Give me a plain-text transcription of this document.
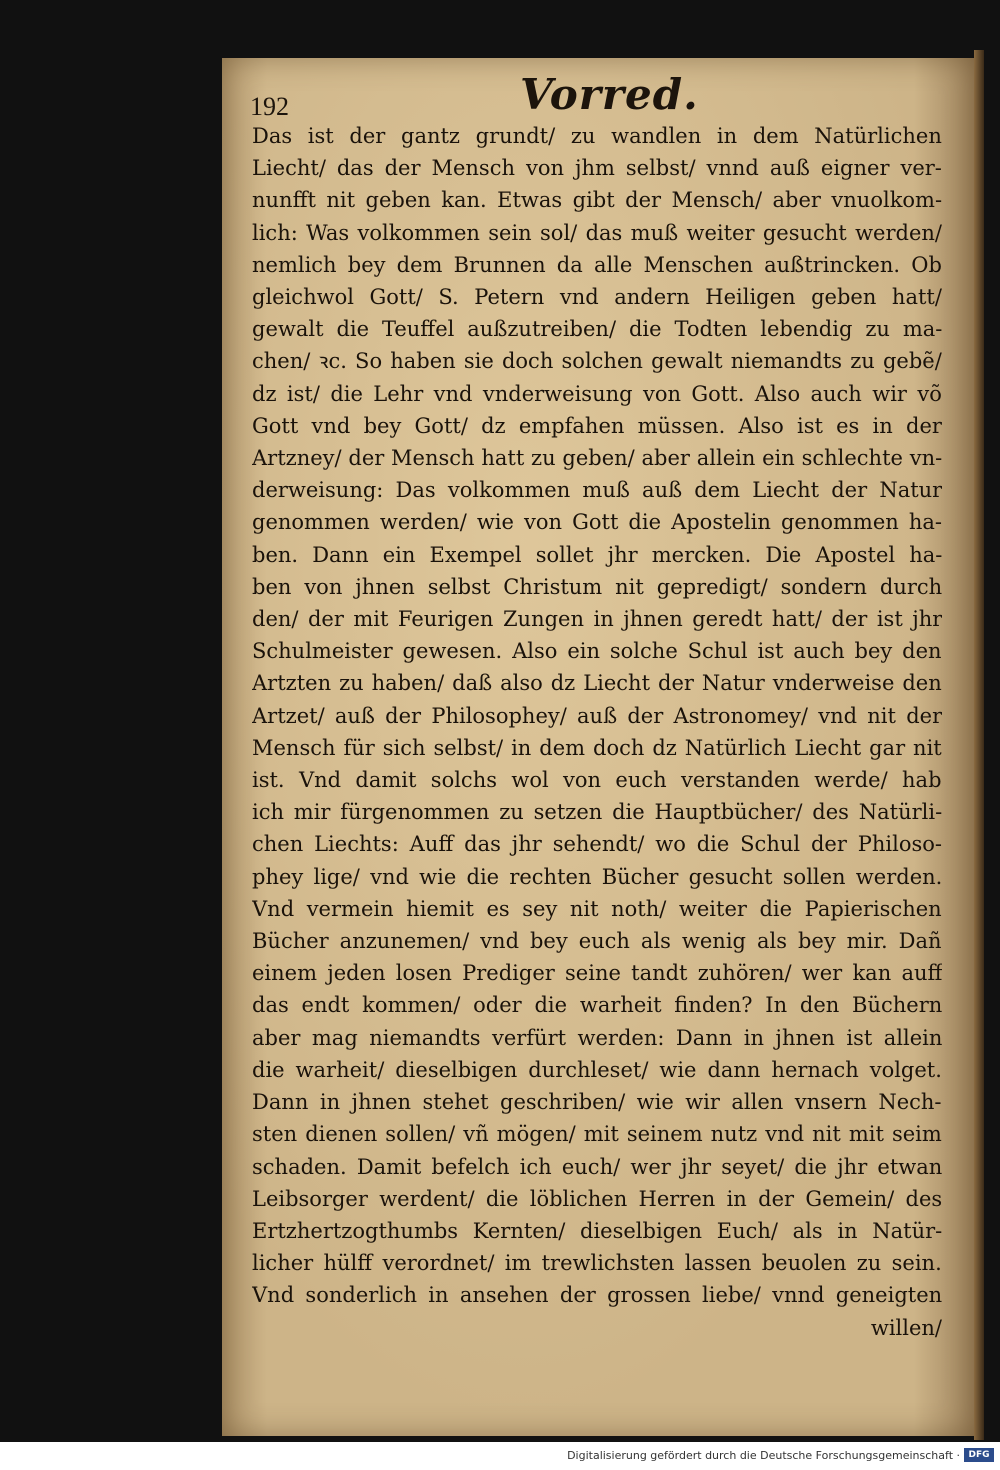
192	Vorred.
Das ist der gantz grundt/ zu wandlen in dem Natürlichen
Liecht/ das der Mensch von jhm selbst/ vnnd auß eigner ver-
nunfft nit geben kan. Etwas gibt der Mensch/ aber vnuolkom-
lich: Was volkommen sein sol/ das muß weiter gesucht werden/
nemlich bey dem Brunnen da alle Menschen außtrincken. Ob
gleichwol Gott/ S. Petern vnd andern Heiligen geben hatt/
gewalt die Teuffel außzutreiben/ die Todten lebendig zu ma-
chen/ ꝛc. So haben sie doch solchen gewalt niemandts zu gebẽ/
dz ist/ die Lehr vnd vnderweisung von Gott. Also auch wir võ
Gott vnd bey Gott/ dz empfahen müssen. Also ist es in der
Artzney/ der Mensch hatt zu geben/ aber allein ein schlechte vn-
derweisung: Das volkommen muß auß dem Liecht der Natur
genommen werden/ wie von Gott die Apostelin genommen ha-
ben. Dann ein Exempel sollet jhr mercken. Die Apostel ha-
ben von jhnen selbst Christum nit gepredigt/ sondern durch
den/ der mit Feurigen Zungen in jhnen geredt hatt/ der ist jhr
Schulmeister gewesen. Also ein solche Schul ist auch bey den
Artzten zu haben/ daß also dz Liecht der Natur vnderweise den
Artzet/ auß der Philosophey/ auß der Astronomey/ vnd nit der
Mensch für sich selbst/ in dem doch dz Natürlich Liecht gar nit
ist. Vnd damit solchs wol von euch verstanden werde/ hab
ich mir fürgenommen zu setzen die Hauptbücher/ des Natürli-
chen Liechts: Auff das jhr sehendt/ wo die Schul der Philoso-
phey lige/ vnd wie die rechten Bücher gesucht sollen werden.
Vnd vermein hiemit es sey nit noth/ weiter die Papierischen
Bücher anzunemen/ vnd bey euch als wenig als bey mir. Dañ
einem jeden losen Prediger seine tandt zuhören/ wer kan auff
das endt kommen/ oder die warheit finden? In den Büchern
aber mag niemandts verfürt werden: Dann in jhnen ist allein
die warheit/ dieselbigen durchleset/ wie dann hernach volget.
Dann in jhnen stehet geschriben/ wie wir allen vnsern Nech-
sten dienen sollen/ vñ mögen/ mit seinem nutz vnd nit mit seim
schaden. Damit befelch ich euch/ wer jhr seyet/ die jhr etwan
Leibsorger werdent/ die löblichen Herren in der Gemein/ des
Ertzhertzogthumbs Kernten/ dieselbigen Euch/ als in Natür-
licher hülff verordnet/ im trewlichsten lassen beuolen zu sein.
Vnd sonderlich in ansehen der grossen liebe/ vnnd geneigten
willen/
Digitalisierung gefördert durch die Deutsche Forschungsgemeinschaft · DFG
